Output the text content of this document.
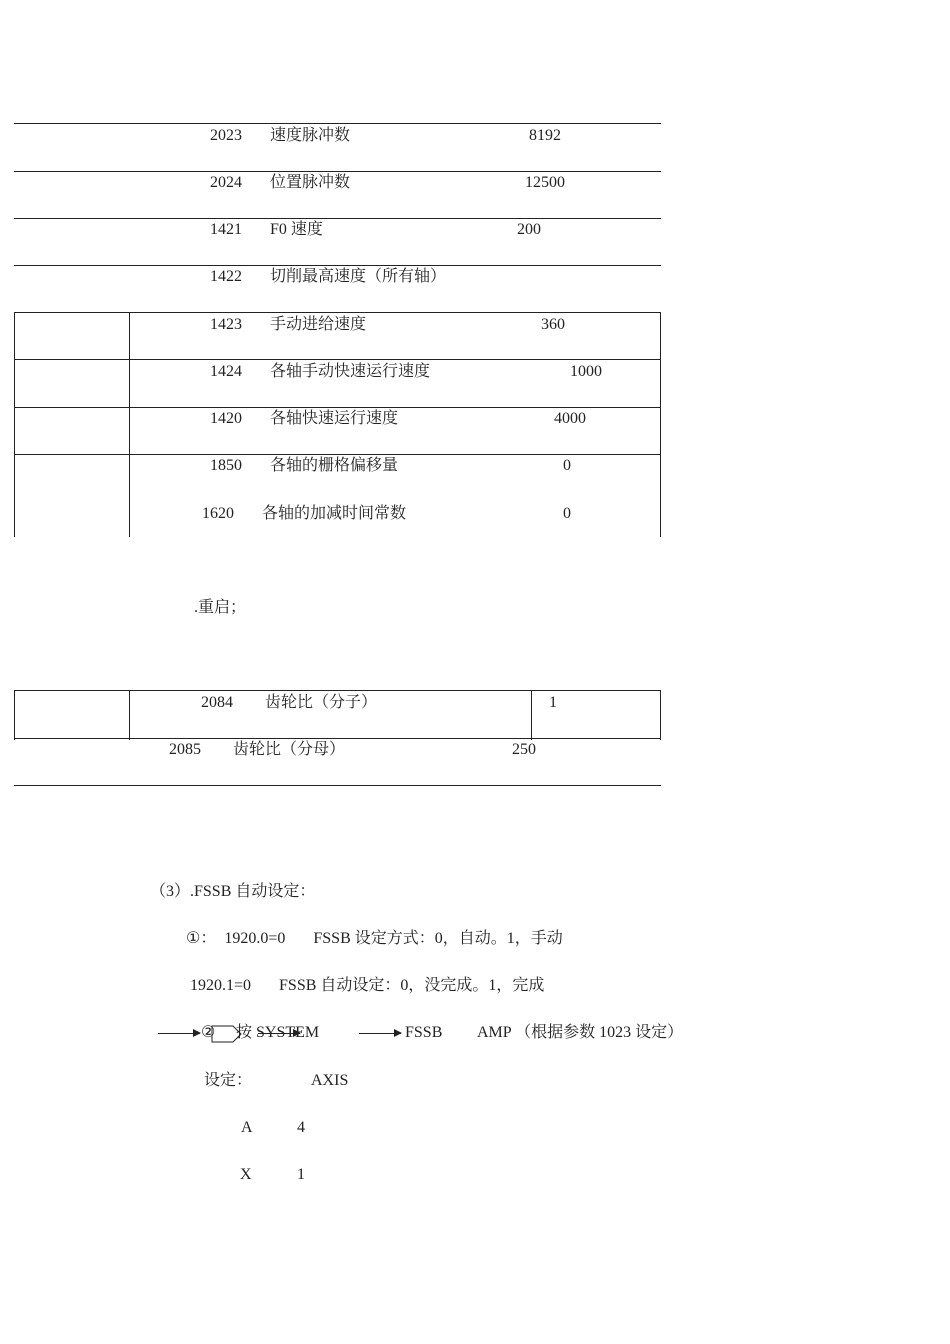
2023 速度脉冲数	8192
2024 位置脉冲数	12500
1421 F0 速度	200
1422 切削最高速度（所有轴）
1423 手动进给速度	360
1424 各轴手动快速运行速度	1000
1420 各轴快速运行速度	4000
1850 各轴的栅格偏移量	0
1620 各轴的加减时间常数	0
.重启；
2084 齿轮比（分子）	1
2085 齿轮比（分母）	250
（3）.FSSB 自动设定：
①：  1920.0=0       FSSB 设定方式：0，自动。1，手动
1920.1=0       FSSB 自动设定：0，没完成。1，完成
② 按 SYSTEM	FSSB AMP （根据参数 1023 设定）
设定：	AXIS
A	4
X	1
